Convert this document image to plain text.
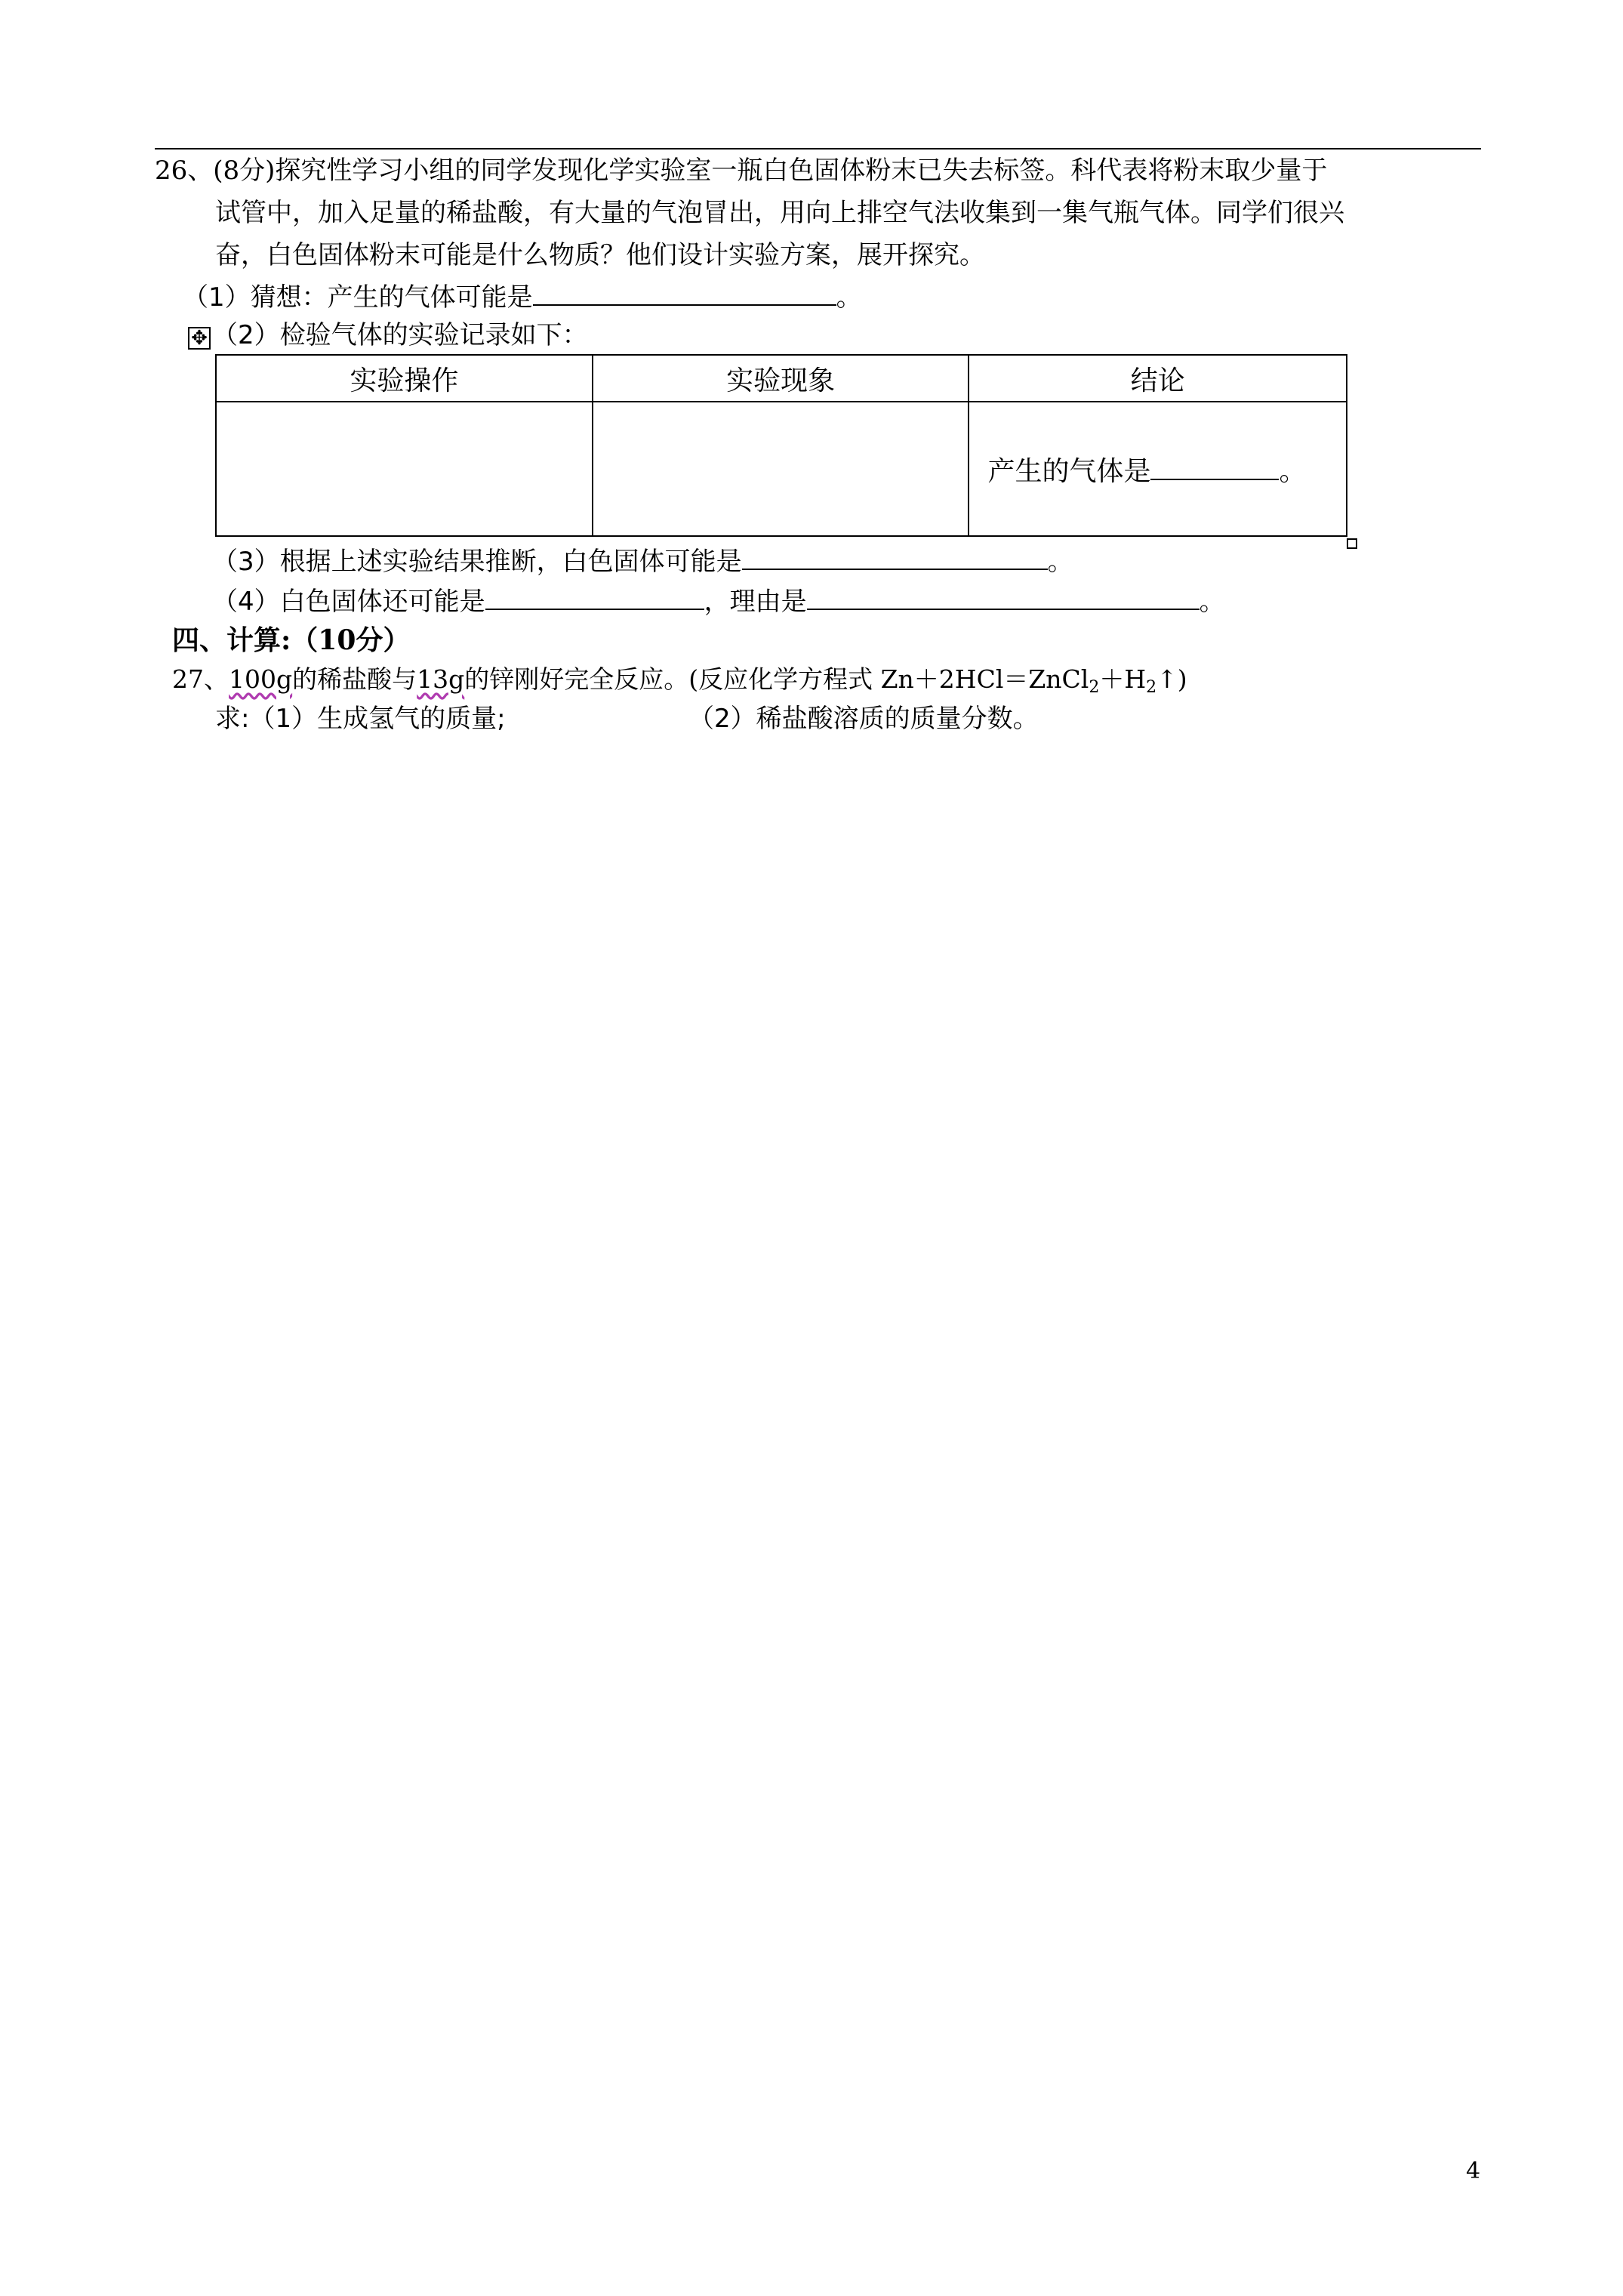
26、(8分)探究性学习小组的同学发现化学实验室一瓶白色固体粉末已失去标签。科代表将粉末取少量于
试管中，加入足量的稀盐酸，有大量的气泡冒出，用向上排空气法收集到一集气瓶气体。同学们很兴
奋，白色固体粉末可能是什么物质？他们设计实验方案，展开探究。
（1）猜想：产生的气体可能是	。
✥ （2）检验气体的实验记录如下：
实验操作	实验现象	结论
		产生的气体是 。
（3）根据上述实验结果推断，白色固体可能是	。
（4）白色固体还可能是	，理由是	。
四、计算:（10分）
27、100g的稀盐酸与13g的锌刚好完全反应。(反应化学方程式 $Zn+2HCl=ZnCl_2+H_2↑$)
求:（1）生成氢气的质量;	（2）稀盐酸溶质的质量分数。
4
